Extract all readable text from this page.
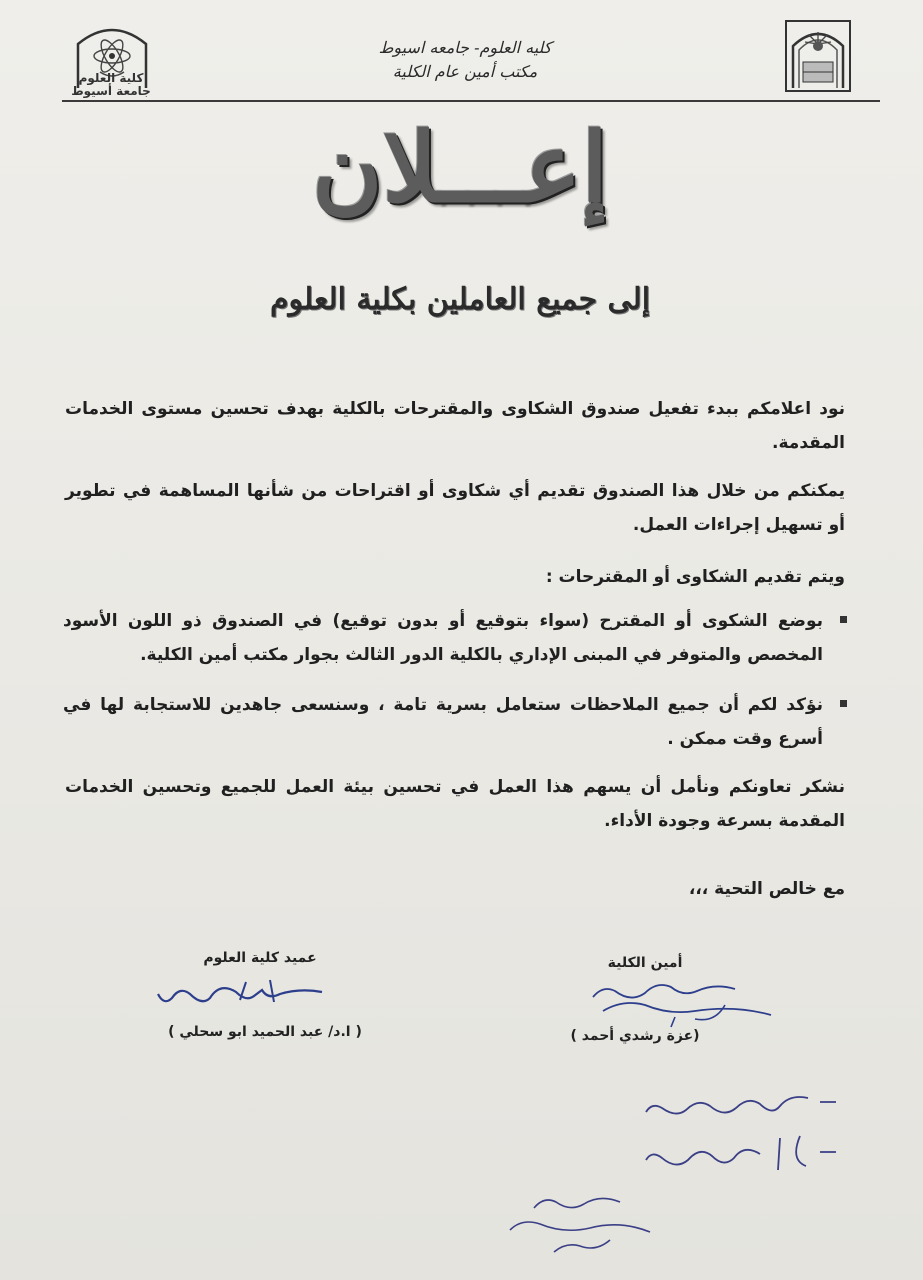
كلية العلوم
جامعة أسيوط
كليه العلوم- جامعه اسيوط
مكتب أمين عام الكلية
إعـــلان
إلى جميع العاملين بكلية العلوم
نود اعلامكم ببدء تفعيل صندوق الشكاوى والمقترحات بالكلية بهدف تحسين مستوى الخدمات المقدمة.
يمكنكم من خلال هذا الصندوق تقديم أي شكاوى أو اقتراحات من شأنها المساهمة في تطوير أو تسهيل إجراءات العمل.
ويتم تقديم الشكاوى أو المقترحات :
بوضع الشكوى أو المقترح (سواء بتوقيع أو بدون توقيع) في الصندوق ذو اللون الأسود المخصص والمتوفر في المبنى الإداري بالكلية الدور الثالث بجوار مكتب أمين الكلية.
نؤكد لكم أن جميع الملاحظات ستعامل بسرية تامة ، وسنسعى جاهدين للاستجابة لها في أسرع وقت ممكن .
نشكر تعاونكم ونأمل أن يسهم هذا العمل في تحسين بيئة العمل للجميع وتحسين الخدمات المقدمة بسرعة وجودة الأداء.
مع خالص التحية ،،،
عميد كلية العلوم
( ا.د/ عبد الحميد ابو سحلي )
أمين الكلية
(عزة رشدي أحمد )
